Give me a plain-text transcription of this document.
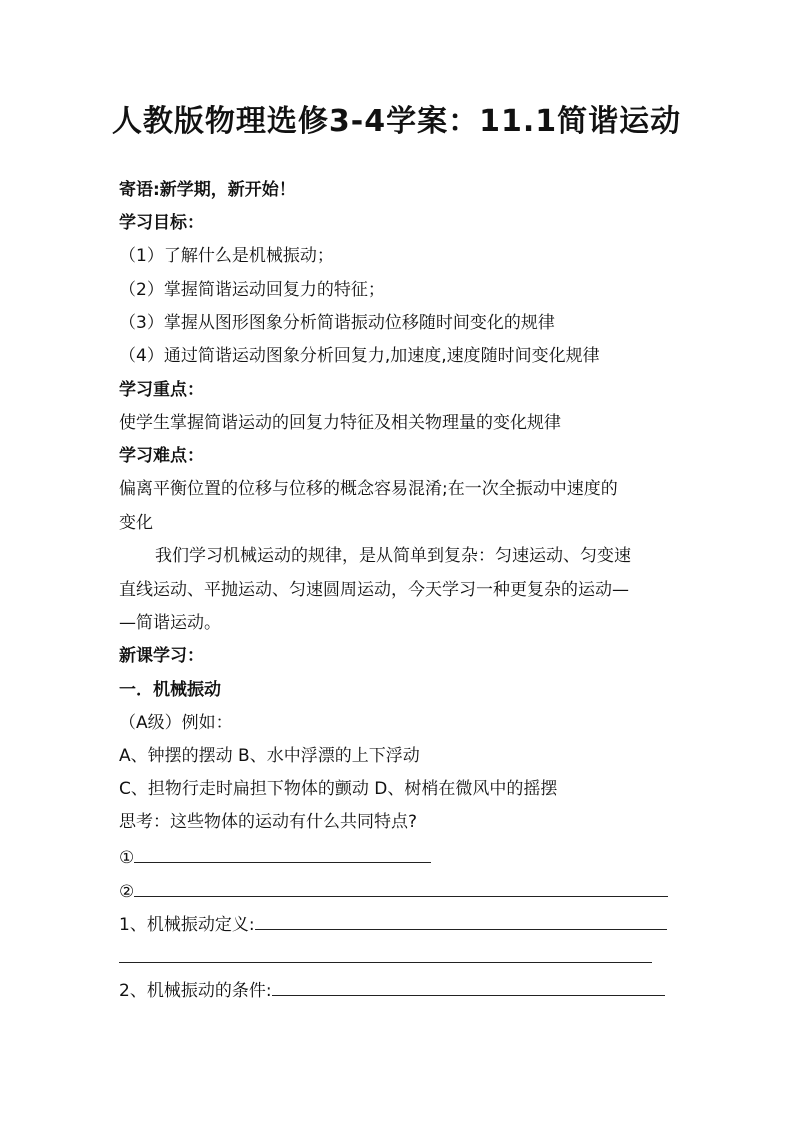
人教版物理选修3-4学案：11.1简谐运动
寄语:新学期，新开始！
学习目标：
（1）了解什么是机械振动；
（2）掌握简谐运动回复力的特征；
（3）掌握从图形图象分析简谐振动位移随时间变化的规律
（4）通过简谐运动图象分析回复力,加速度,速度随时间变化规律
学习重点：
使学生掌握简谐运动的回复力特征及相关物理量的变化规律
学习难点：
偏离平衡位置的位移与位移的概念容易混淆;在一次全振动中速度的
变化
我们学习机械运动的规律，是从简单到复杂：匀速运动、匀变速
直线运动、平抛运动、匀速圆周运动，今天学习一种更复杂的运动—
—简谐运动。
新课学习：
一．机械振动
（A级）例如：
A、钟摆的摆动 B、水中浮漂的上下浮动
C、担物行走时扁担下物体的颤动 D、树梢在微风中的摇摆
思考：这些物体的运动有什么共同特点?
①
②
1、机械振动定义:
2、机械振动的条件:
